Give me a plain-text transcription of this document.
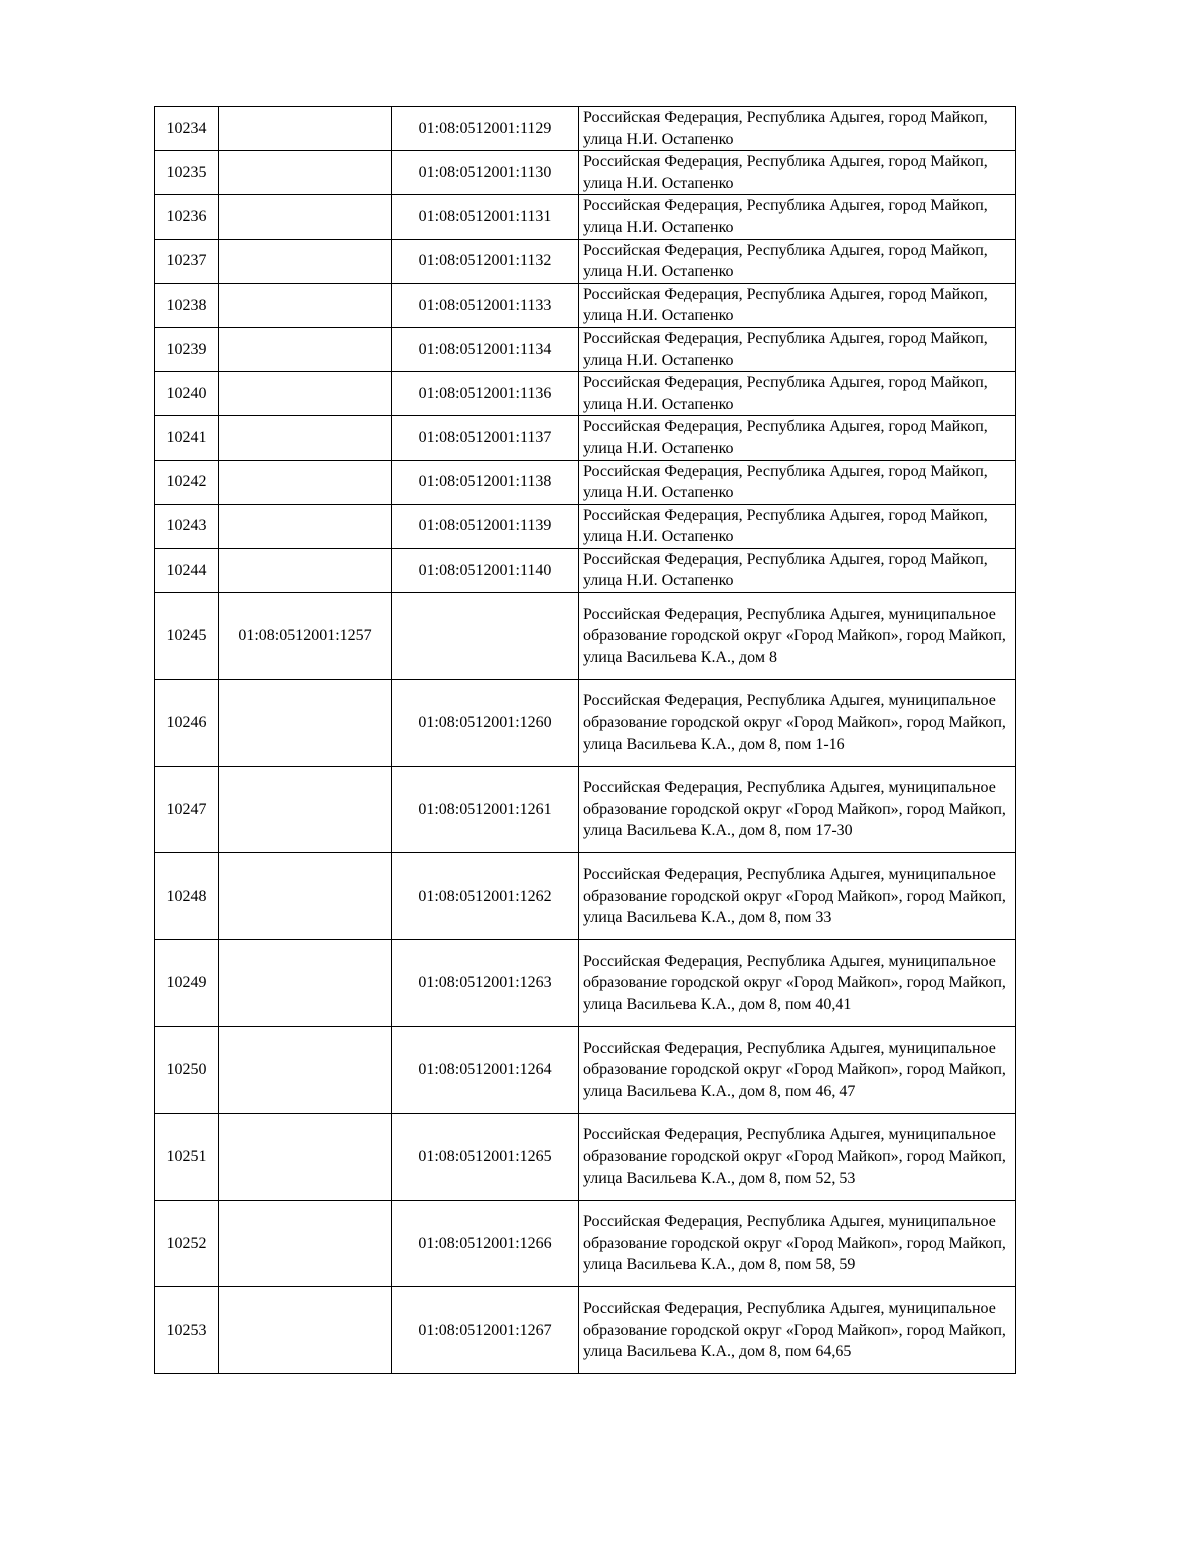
10234		01:08:0512001:1129	Российская Федерация, Республика Адыгея, город Майкоп, улица Н.И. Остапенко
10235		01:08:0512001:1130	Российская Федерация, Республика Адыгея, город Майкоп, улица Н.И. Остапенко
10236		01:08:0512001:1131	Российская Федерация, Республика Адыгея, город Майкоп, улица Н.И. Остапенко
10237		01:08:0512001:1132	Российская Федерация, Республика Адыгея, город Майкоп, улица Н.И. Остапенко
10238		01:08:0512001:1133	Российская Федерация, Республика Адыгея, город Майкоп, улица Н.И. Остапенко
10239		01:08:0512001:1134	Российская Федерация, Республика Адыгея, город Майкоп, улица Н.И. Остапенко
10240		01:08:0512001:1136	Российская Федерация, Республика Адыгея, город Майкоп, улица Н.И. Остапенко
10241		01:08:0512001:1137	Российская Федерация, Республика Адыгея, город Майкоп, улица Н.И. Остапенко
10242		01:08:0512001:1138	Российская Федерация, Республика Адыгея, город Майкоп, улица Н.И. Остапенко
10243		01:08:0512001:1139	Российская Федерация, Республика Адыгея, город Майкоп, улица Н.И. Остапенко
10244		01:08:0512001:1140	Российская Федерация, Республика Адыгея, город Майкоп, улица Н.И. Остапенко
10245	01:08:0512001:1257		Российская Федерация, Республика Адыгея, муниципальное образование городской округ «Город Майкоп», город Майкоп, улица Васильева К.А., дом 8
10246		01:08:0512001:1260	Российская Федерация, Республика Адыгея, муниципальное образование городской округ «Город Майкоп», город Майкоп, улица Васильева К.А., дом 8, пом 1-16
10247		01:08:0512001:1261	Российская Федерация, Республика Адыгея, муниципальное образование городской округ «Город Майкоп», город Майкоп, улица Васильева К.А., дом 8, пом 17-30
10248		01:08:0512001:1262	Российская Федерация, Республика Адыгея, муниципальное образование городской округ «Город Майкоп», город Майкоп, улица Васильева К.А., дом 8, пом 33
10249		01:08:0512001:1263	Российская Федерация, Республика Адыгея, муниципальное образование городской округ «Город Майкоп», город Майкоп, улица Васильева К.А., дом 8, пом 40,41
10250		01:08:0512001:1264	Российская Федерация, Республика Адыгея, муниципальное образование городской округ «Город Майкоп», город Майкоп, улица Васильева К.А., дом 8, пом 46, 47
10251		01:08:0512001:1265	Российская Федерация, Республика Адыгея, муниципальное образование городской округ «Город Майкоп», город Майкоп, улица Васильева К.А., дом 8, пом 52, 53
10252		01:08:0512001:1266	Российская Федерация, Республика Адыгея, муниципальное образование городской округ «Город Майкоп», город Майкоп, улица Васильева К.А., дом 8, пом 58, 59
10253		01:08:0512001:1267	Российская Федерация, Республика Адыгея, муниципальное образование городской округ «Город Майкоп», город Майкоп, улица Васильева К.А., дом 8, пом 64,65
